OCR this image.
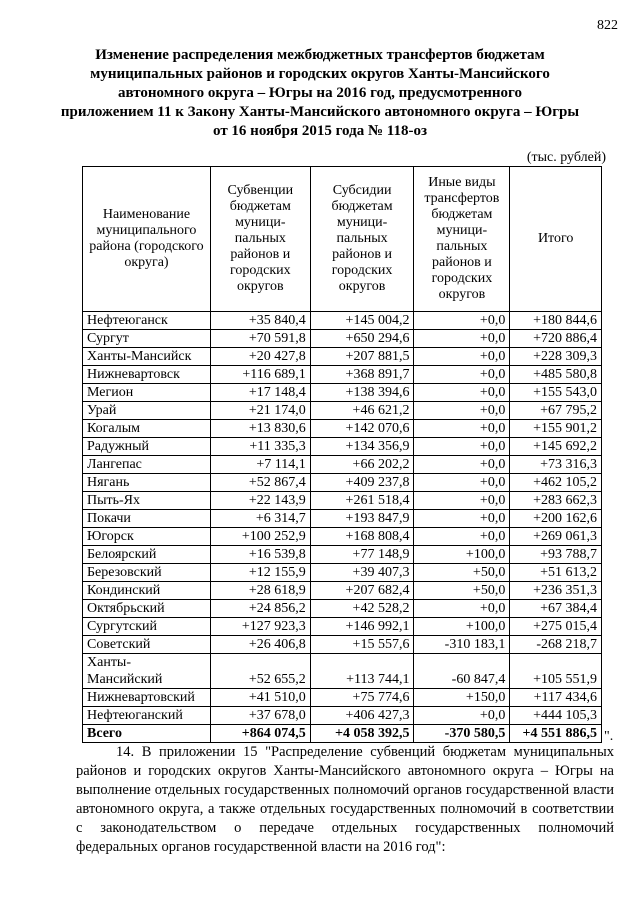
822
Изменение распределения межбюджетных трансфертов бюджетам
муниципальных районов и городских округов Ханты-Мансийского
автономного округа – Югры на 2016 год, предусмотренного
приложением 11 к Закону Ханты-Мансийского автономного округа – Югры
от 16 ноября 2015 года № 118-оз
(тыс. рублей)
Наименование муниципального района (городского округа)	Субвенции бюджетам муници-пальных районов и городских округов	Субсидии бюджетам муници-пальных районов и городских округов	Иные виды трансфертов бюджетам муници-пальных районов и городских округов	Итого
Нефтеюганск	+35 840,4	+145 004,2	+0,0	+180 844,6
Сургут	+70 591,8	+650 294,6	+0,0	+720 886,4
Ханты-Мансийск	+20 427,8	+207 881,5	+0,0	+228 309,3
Нижневартовск	+116 689,1	+368 891,7	+0,0	+485 580,8
Мегион	+17 148,4	+138 394,6	+0,0	+155 543,0
Урай	+21 174,0	+46 621,2	+0,0	+67 795,2
Когалым	+13 830,6	+142 070,6	+0,0	+155 901,2
Радужный	+11 335,3	+134 356,9	+0,0	+145 692,2
Лангепас	+7 114,1	+66 202,2	+0,0	+73 316,3
Нягань	+52 867,4	+409 237,8	+0,0	+462 105,2
Пыть-Ях	+22 143,9	+261 518,4	+0,0	+283 662,3
Покачи	+6 314,7	+193 847,9	+0,0	+200 162,6
Югорск	+100 252,9	+168 808,4	+0,0	+269 061,3
Белоярский	+16 539,8	+77 148,9	+100,0	+93 788,7
Березовский	+12 155,9	+39 407,3	+50,0	+51 613,2
Кондинский	+28 618,9	+207 682,4	+50,0	+236 351,3
Октябрьский	+24 856,2	+42 528,2	+0,0	+67 384,4
Сургутский	+127 923,3	+146 992,1	+100,0	+275 015,4
Советский	+26 406,8	+15 557,6	-310 183,1	-268 218,7
Ханты-Мансийский	+52 655,2	+113 744,1	-60 847,4	+105 551,9
Нижневартовский	+41 510,0	+75 774,6	+150,0	+117 434,6
Нефтеюганский	+37 678,0	+406 427,3	+0,0	+444 105,3
Всего	+864 074,5	+4 058 392,5	-370 580,5	+4 551 886,5 ".

14. В приложении 15 "Распределение субвенций бюджетам муниципальных районов и городских округов Ханты-Мансийского автономного округа – Югры на выполнение отдельных государственных полномочий органов государственной власти автономного округа, а также отдельных государственных полномочий в соответствии с законодательством о передаче отдельных государственных полномочий федеральных органов государственной власти на 2016 год":
